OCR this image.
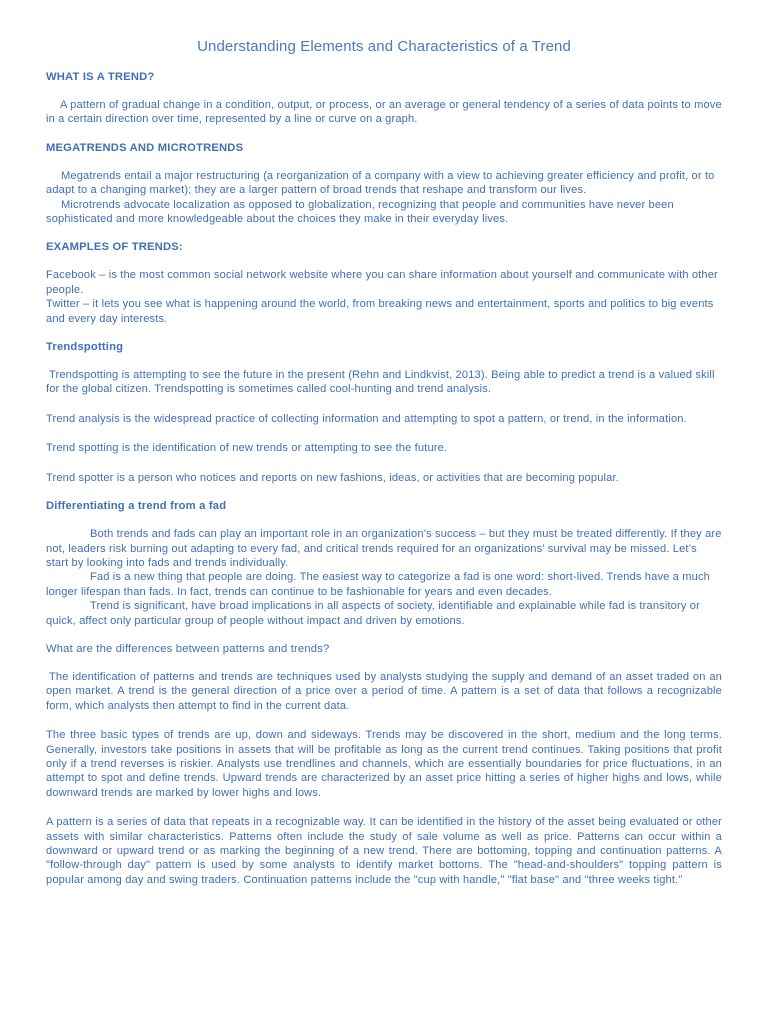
Understanding Elements and Characteristics of a Trend
WHAT IS A TREND?

A pattern of gradual change in a condition, output, or process, or an average or general tendency of a series of data points to move in a certain direction over time, represented by a line or curve on a graph.

MEGATRENDS AND MICROTRENDS

Megatrends entail a major restructuring (a reorganization of a company with a view to achieving greater efficiency and profit, or to adapt to a changing market); they are a larger pattern of broad trends that reshape and transform our lives.

Microtrends advocate localization as opposed to globalization, recognizing that people and communities have never been sophisticated and more knowledgeable about the choices they make in their everyday lives.

EXAMPLES OF TRENDS:

Facebook – is the most common social network website where you can share information about yourself and communicate with other people.

Twitter – it lets you see what is happening around the world, from breaking news and entertainment, sports and politics to big events and every day interests.

Trendspotting

Trendspotting is attempting to see the future in the present (Rehn and Lindkvist, 2013). Being able to predict a trend is a valued skill for the global citizen. Trendspotting is sometimes called cool-hunting and trend analysis.

Trend analysis is the widespread practice of collecting information and attempting to spot a pattern, or trend, in the information.

Trend spotting is the identification of new trends or attempting to see the future.

Trend spotter is a person who notices and reports on new fashions, ideas, or activities that are becoming popular.

Differentiating a trend from a fad

Both trends and fads can play an important role in an organization’s success – but they must be treated differently. If they are not, leaders risk burning out adapting to every fad, and critical trends required for an organizations’ survival may be missed. Let’s start by looking into fads and trends individually.

Fad is a new thing that people are doing. The easiest way to categorize a fad is one word: short-lived. Trends have a much longer lifespan than fads. In fact, trends can continue to be fashionable for years and even decades.

Trend is significant, have broad implications in all aspects of society, identifiable and explainable while fad is transitory or quick, affect only particular group of people without impact and driven by emotions.

What are the differences between patterns and trends?

The identification of patterns and trends are techniques used by analysts studying the supply and demand of an asset traded on an open market. A trend is the general direction of a price over a period of time. A pattern is a set of data that follows a recognizable form, which analysts then attempt to find in the current data.

The three basic types of trends are up, down and sideways. Trends may be discovered in the short, medium and the long terms. Generally, investors take positions in assets that will be profitable as long as the current trend continues. Taking positions that profit only if a trend reverses is riskier. Analysts use trendlines and channels, which are essentially boundaries for price fluctuations, in an attempt to spot and define trends. Upward trends are characterized by an asset price hitting a series of higher highs and lows, while downward trends are marked by lower highs and lows.

A pattern is a series of data that repeats in a recognizable way. It can be identified in the history of the asset being evaluated or other assets with similar characteristics. Patterns often include the study of sale volume as well as price. Patterns can occur within a downward or upward trend or as marking the beginning of a new trend. There are bottoming, topping and continuation patterns. A "follow-through day" pattern is used by some analysts to identify market bottoms. The "head-and-shoulders" topping pattern is popular among day and swing traders. Continuation patterns include the "cup with handle," "flat base" and "three weeks tight."
